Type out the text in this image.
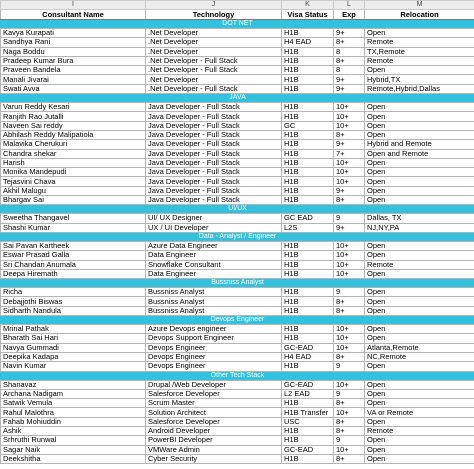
I	J	K	L	M
Consultant Name	Technology	Visa Status	Exp	Relocation
DOT NET				
Kavya Kurapati	.Net Developer	H1B	9+	Open
Sandhya Rani	.Net Developer	H4 EAD	8+	Remote
Naga Boddu	.Net Developer	H1B	8	TX,Remote
Pradeep Kumar Bura	.Net Developer - Full Stack	H1B	8+	Remote
Praveen Bandela	.Net Developer - Full Stack	H1B	8	Open
Manali Jivarai	.Net Developer	H1B	9+	Hybrid,TX
Swati Avva	.Net Developer - Full Stack	H1B	9+	Remote,Hybrid,Dallas
JAVA				
Varun Reddy Kesari	Java Developer - Full Stack	H1B	10+	Open
Ranjith Rao Jutalli	Java Developer - Full Stack	H1B	10+	Open
Naveen Sai reddy	Java Developer - Full Stack	GC	10+	Open
Abhilash Reddy Malipatiola	Java Developer - Full Stack	H1B	8+	Open
Malavika Cherukuri	Java Developer - Full Stack	H1B	9+	Hybrid and Remote
Chandra shekar	Java Developer - Full Stack	H1B	7+	Open and Remote
Harish	Java Developer - Full Stack	H1B	10+	Open
Monika Mandepudi	Java Developer - Full Stack	H1B	10+	Open
Tejasvini Chava	Java Developer - Full Stack	H1B	10+	Open
Akhil Malugu	Java Developer - Full Stack	H1B	9+	Open
Bhargav Sai	Java Developer - Full Stack	H1B	8+	Open
UI/UX				
Sweetha Thangavel	UI/ UX Designer	GC EAD	9	Dallas, TX
Shashi Kumar	UX / UI Developer	L2S	9+	NJ,NY,PA
Data - Analyst / Engineer				
Sai Pavan Kartheek	Azure Data Engineer	H1B	10+	Open
Eswar Prasad Galla	Data Engineer	H1B	10+	Open
Sri Chandan Anumala	Snowflake Consultant	H1B	10+	Remote
Deepa Hiremath	Data Engineer	H1B	10+	Open
Bussniss Analyst				
Richa	Bussniss Analyst	H1B	9	Open
Debajjothi Biswas	Bussniss Analyst	H1B	8+	Open
Sidharth Nandula	Bussniss Analyst	H1B	8+	Open
Devops Engineer				
Mrinal Pathak	Azure Devops engineer	H1B	10+	Open
Bharath Sai Hari	Devops Support Engineer	H1B	10+	Open
Navya Gummadi	Devops Engineer	GC-EAD	10+	Atlanta,Remote
Deepika Kadapa	Devops Engineer	H4 EAD	8+	NC,Remote
Navin Kumar	Devops Engineer	H1B	9	Open
Other Tech Stack				
Shanavaz	Drupal /Web Developer	GC-EAD	10+	Open
Archana Nadigam	Salesforce Developer	L2 EAD	9	Open
Satwik Vemula	Scrum Master	H1B	8+	Open
Rahul Malothra	Solution Architect	H1B Transfer	10+	VA or Remote
Fahab Mohiuddin	Salesforce Developer	USC	8+	Open
Ashik	Android Developer	H1B	8+	Remote
Srhruthi Runwal	PowerBI Developer	H1B	9	Open
Sagar Naik	VMWare Admin	GC-EAD	10+	Open
Deekshitha	Cyber Security	H1B	8+	Open
